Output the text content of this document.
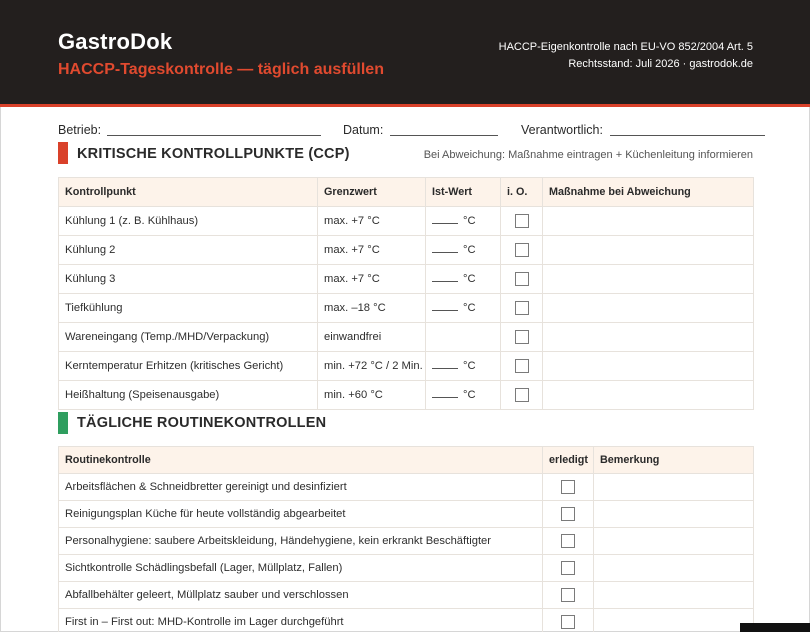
GastroDok
HACCP-Tageskontrolle — täglich ausfüllen
HACCP-Eigenkontrolle nach EU-VO 852/2004 Art. 5
Rechtsstand: Juli 2026 · gastrodok.de
Betrieb:	Datum:	Verantwortlich:
KRITISCHE KONTROLLPUNKTE (CCP)	Bei Abweichung: Maßnahme eintragen + Küchenleitung informieren
Kontrollpunkt	Grenzwert	Ist-Wert	i. O.	Maßnahme bei Abweichung
Kühlung 1 (z. B. Kühlhaus)	max. +7 °C	°C		
Kühlung 2	max. +7 °C	°C		
Kühlung 3	max. +7 °C	°C		
Tiefkühlung	max. –18 °C	°C		
Wareneingang (Temp./MHD/Verpackung)	einwandfrei			
Kerntemperatur Erhitzen (kritisches Gericht)	min. +72 °C / 2 Min.	°C		
Heißhaltung (Speisenausgabe)	min. +60 °C	°C		
TÄGLICHE ROUTINEKONTROLLEN
Routinekontrolle	erledigt	Bemerkung
Arbeitsflächen & Schneidbretter gereinigt und desinfiziert		
Reinigungsplan Küche für heute vollständig abgearbeitet		
Personalhygiene: saubere Arbeitskleidung, Händehygiene, kein erkrankt Beschäftigter		
Sichtkontrolle Schädlingsbefall (Lager, Müllplatz, Fallen)		
Abfallbehälter geleert, Müllplatz sauber und verschlossen		
First in – First out: MHD-Kontrolle im Lager durchgeführt		
